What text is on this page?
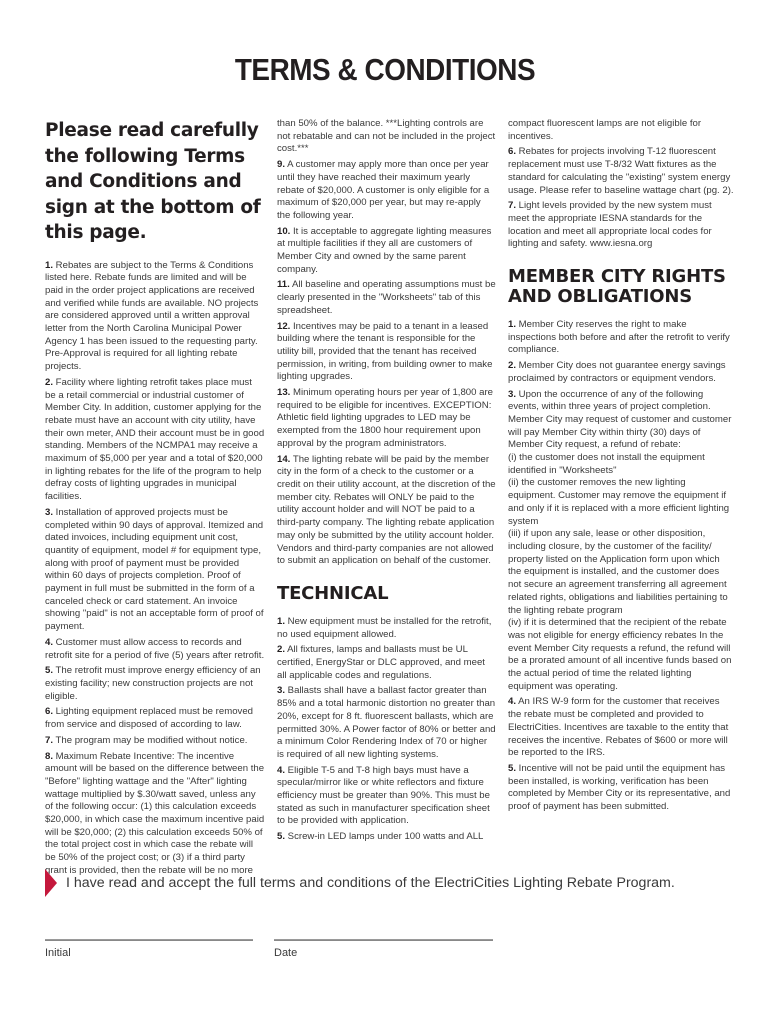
TERMS & CONDITIONS
Please read carefully the following Terms and Conditions and sign at the bottom of this page.

1. Rebates are subject to the Terms & Conditions listed here. Rebate funds are limited and will be paid in the order project applications are received and verified while funds are available. NO projects are considered approved until a written approval letter from the North Carolina Municipal Power Agency 1 has been issued to the requesting party. Pre-Approval is required for all lighting rebate projects.

2. Facility where lighting retrofit takes place must be a retail commercial or industrial customer of Member City. In addition, customer applying for the rebate must have an account with city utility, have their own meter, AND their account must be in good standing. Members of the NCMPA1 may receive a maximum of $5,000 per year and a total of $20,000 in lighting rebates for the life of the program to help defray costs of lighting upgrades in municipal facilities.

3. Installation of approved projects must be completed within 90 days of approval. Itemized and dated invoices, including equipment unit cost, quantity of equipment, model # for equipment type, along with proof of payment must be provided within 60 days of projects completion. Proof of payment in full must be submitted in the form of a canceled check or card statement. An invoice showing "paid" is not an acceptable form of proof of payment.

4. Customer must allow access to records and retrofit site for a period of five (5) years after retrofit.

5. The retrofit must improve energy efficiency of an existing facility; new construction projects are not eligible.

6. Lighting equipment replaced must be removed from service and disposed of according to law.

7. The program may be modified without notice.

8. Maximum Rebate Incentive: The incentive amount will be based on the difference between the "Before" lighting wattage and the "After" lighting wattage multiplied by $.30/watt saved, unless any of the following occur: (1) this calculation exceeds $20,000, in which case the maximum incentive paid will be $20,000; (2) this calculation exceeds 50% of the total project cost in which case the rebate will be 50% of the project cost; or (3) if a third party grant is provided, then the rebate will be no more

than 50% of the balance. ***Lighting controls are not rebatable and can not be included in the project cost.***

9. A customer may apply more than once per year until they have reached their maximum yearly rebate of $20,000. A customer is only eligible for a maximum of $20,000 per year, but may re-apply the following year.

10. It is acceptable to aggregate lighting measures at multiple facilities if they all are customers of Member City and owned by the same parent company.

11. All baseline and operating assumptions must be clearly presented in the "Worksheets" tab of this spreadsheet.

12. Incentives may be paid to a tenant in a leased building where the tenant is responsible for the utility bill, provided that the tenant has received permission, in writing, from building owner to make lighting upgrades.

13. Minimum operating hours per year of 1,800 are required to be eligible for incentives. EXCEPTION: Athletic field lighting upgrades to LED may be exempted from the 1800 hour requirement upon approval by the program administrators.

14. The lighting rebate will be paid by the member city in the form of a check to the customer or a credit on their utility account, at the discretion of the member city. Rebates will ONLY be paid to the utility account holder and will NOT be paid to a third-party company. The lighting rebate application may only be submitted by the utility account holder. Vendors and third-party companies are not allowed to submit an application on behalf of the customer.

TECHNICAL

1. New equipment must be installed for the retrofit, no used equipment allowed.

2. All fixtures, lamps and ballasts must be UL certified, EnergyStar or DLC approved, and meet all applicable codes and regulations.

3. Ballasts shall have a ballast factor greater than 85% and a total harmonic distortion no greater than 20%, except for 8 ft. fluorescent ballasts, which are permitted 30%. A Power factor of 80% or better and a minimum Color Rendering Index of 70 or higher is required of all new lighting systems.

4. Eligible T-5 and T-8 high bays must have a specular/mirror like or white reflectors and fixture efficiency must be greater than 90%. This must be stated as such in manufacturer specification sheet to be provided with application.

5. Screw-in LED lamps under 100 watts and ALL

compact fluorescent lamps are not eligible for incentives.

6. Rebates for projects involving T-12 fluorescent replacement must use T-8/32 Watt fixtures as the standard for calculating the "existing" system energy usage. Please refer to baseline wattage chart (pg. 2).

7. Light levels provided by the new system must meet the appropriate IESNA standards for the location and meet all appropriate local codes for lighting and safety. www.iesna.org

MEMBER CITY RIGHTS AND OBLIGATIONS

1. Member City reserves the right to make inspections both before and after the retrofit to verify compliance.

2. Member City does not guarantee energy savings proclaimed by contractors or equipment vendors.

3. Upon the occurrence of any of the following events, within three years of project completion. Member City may request of customer and customer will pay Member City within thirty (30) days of Member City request, a refund of rebate:
(i) the customer does not install the equipment identified in "Worksheets"
(ii) the customer removes the new lighting equipment. Customer may remove the equipment if and only if it is replaced with a more efficient lighting system
(iii) if upon any sale, lease or other disposition, including closure, by the customer of the facility/ property listed on the Application form upon which the equipment is installed, and the customer does not secure an agreement transferring all agreement related rights, obligations and liabilities pertaining to the lighting rebate program
(iv) if it is determined that the recipient of the rebate was not eligible for energy efficiency rebates In the event Member City requests a refund, the refund will be a prorated amount of all incentive funds based on the actual period of time the related lighting equipment was operating.

4. An IRS W-9 form for the customer that receives the rebate must be completed and provided to ElectriCities. Incentives are taxable to the entity that receives the incentive. Rebates of $600 or more will be reported to the IRS.

5. Incentive will not be paid until the equipment has been installed, is working, verification has been completed by Member City or its representative, and proof of payment has been submitted.

I have read and accept the full terms and conditions of the ElectriCities Lighting Rebate Program.
Initial	Date
